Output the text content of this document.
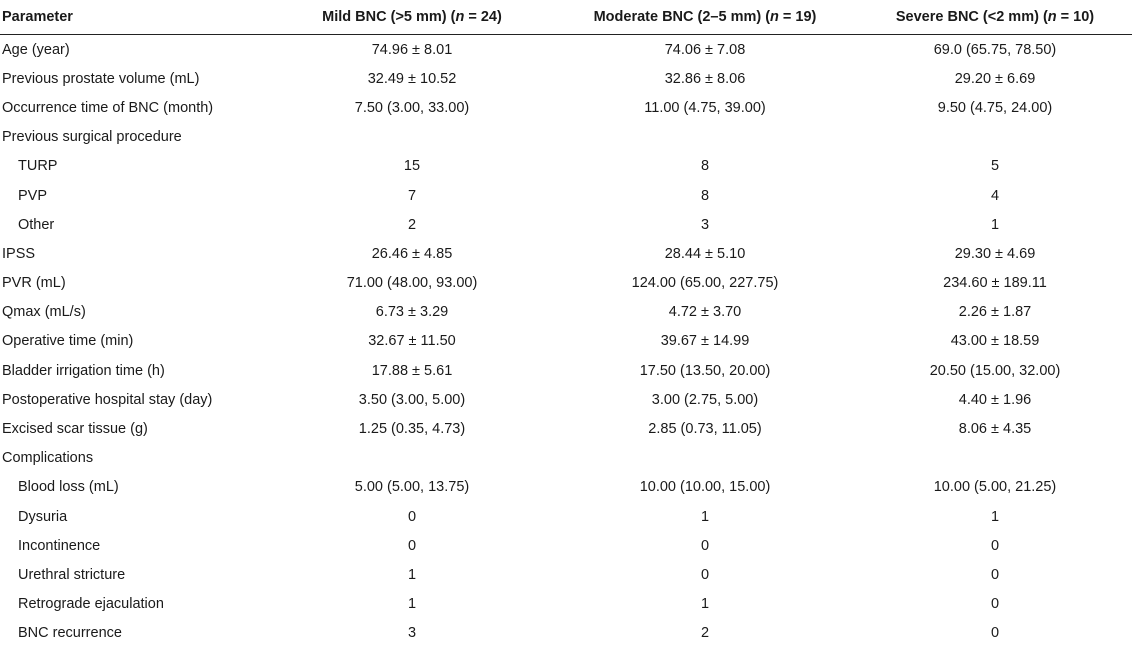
Parameter	Mild BNC (>5 mm) (n = 24)	Moderate BNC (2–5 mm) (n = 19)	Severe BNC (<2 mm) (n = 10)
Age (year)	74.96 ± 8.01	74.06 ± 7.08	69.0 (65.75, 78.50)
Previous prostate volume (mL)	32.49 ± 10.52	32.86 ± 8.06	29.20 ± 6.69
Occurrence time of BNC (month)	7.50 (3.00, 33.00)	11.00 (4.75, 39.00)	9.50 (4.75, 24.00)
Previous surgical procedure			
TURP	15	8	5
PVP	7	8	4
Other	2	3	1
IPSS	26.46 ± 4.85	28.44 ± 5.10	29.30 ± 4.69
PVR (mL)	71.00 (48.00, 93.00)	124.00 (65.00, 227.75)	234.60 ± 189.11
Qmax (mL/s)	6.73 ± 3.29	4.72 ± 3.70	2.26 ± 1.87
Operative time (min)	32.67 ± 11.50	39.67 ± 14.99	43.00 ± 18.59
Bladder irrigation time (h)	17.88 ± 5.61	17.50 (13.50, 20.00)	20.50 (15.00, 32.00)
Postoperative hospital stay (day)	3.50 (3.00, 5.00)	3.00 (2.75, 5.00)	4.40 ± 1.96
Excised scar tissue (g)	1.25 (0.35, 4.73)	2.85 (0.73, 11.05)	8.06 ± 4.35
Complications			
Blood loss (mL)	5.00 (5.00, 13.75)	10.00 (10.00, 15.00)	10.00 (5.00, 21.25)
Dysuria	0	1	1
Incontinence	0	0	0
Urethral stricture	1	0	0
Retrograde ejaculation	1	1	0
BNC recurrence	3	2	0
